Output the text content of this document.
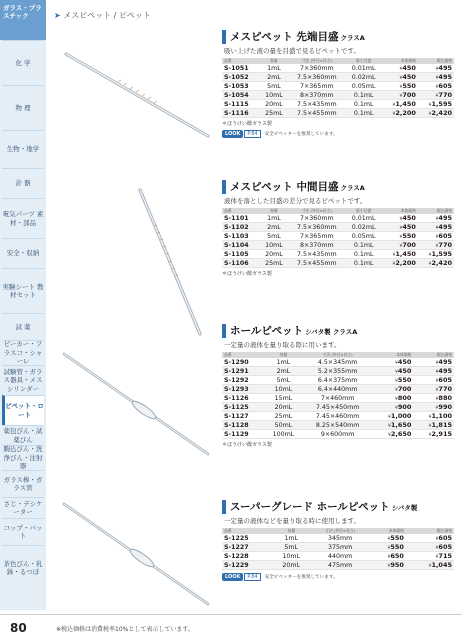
ガラス・プラスチック
化 学
物 理
生物・地学
計 器
電気パーツ 素材・部品
安全・収納
実験シート 教材セット
試 薬
ビーカー・フラスコ・シャーレ
試験管・ガラス器具・メスシリンダー
ピペット・ロート
薬包びん・試薬びん
駒込びん・洗浄びん・注射器
ガラス棒・ガラス管
さじ・デシケーター
コップ・バット
茶色びん・乳鉢・るつぼ
➤ メスピペット / ピペット
メスピペット 先端目盛 クラスA
吸い上げた液の量を目盛で見るピペットです。
品番	容量	寸法 (外径×長さ)	最小目盛	本体価格	税込価格
S-1051	1mL	7×360mm	0.01mL	¥450	¥495
S-1052	2mL	7.5×360mm	0.02mL	¥450	¥495
S-1053	5mL	7×365mm	0.05mL	¥550	¥605
S-1054	10mL	8×370mm	0.1mL	¥700	¥770
S-1115	20mL	7.5×435mm	0.1mL	¥1,450	¥1,595
S-1116	25mL	7.5×455mm	0.1mL	¥2,200	¥2,420
＊ほうけい酸ガラス製
LOOK	P.84	安全ピペッターを推奨しています。
メスピペット 中間目盛 クラスA
液体を落とした目盛の差分で見るピペットです。
品番	容量	寸法 (外径×長さ)	最小目盛	本体価格	税込価格
S-1101	1mL	7×360mm	0.01mL	¥450	¥495
S-1102	2mL	7.5×360mm	0.02mL	¥450	¥495
S-1103	5mL	7×365mm	0.05mL	¥550	¥605
S-1104	10mL	8×370mm	0.1mL	¥700	¥770
S-1105	20mL	7.5×435mm	0.1mL	¥1,450	¥1,595
S-1106	25mL	7.5×455mm	0.1mL	¥2,200	¥2,420
＊ほうけい酸ガラス製
ホールピペット シバタ製 クラスA
一定量の液体を量り取る際に用います。
品番	容量	寸法 (外径×長さ)	本体価格	税込価格
S-1290	1mL	4.5×345mm	¥450	¥495
S-1291	2mL	5.2×355mm	¥450	¥495
S-1292	5mL	6.4×375mm	¥550	¥605
S-1293	10mL	6.4×440mm	¥700	¥770
S-1126	15mL	7×460mm	¥800	¥880
S-1125	20mL	7.45×450mm	¥900	¥990
S-1127	25mL	7.45×460mm	¥1,000	¥1,100
S-1128	50mL	8.25×540mm	¥1,650	¥1,815
S-1129	100mL	9×600mm	¥2,650	¥2,915
＊ほうけい酸ガラス製
スーパーグレード ホールピペット シバタ製
一定量の液体などを量り取る時に使用します。
品番	容量	寸法 (外径×長さ)	本体価格	税込価格
S-1225	1mL	345mm	¥550	¥605
S-1227	5mL	375mm	¥550	¥605
S-1228	10mL	440mm	¥650	¥715
S-1229	20mL	475mm	¥950	¥1,045
LOOK	P.84	安全ピペッターを推奨しています。
80	※税込価格は消費税率10%として表示しています。
